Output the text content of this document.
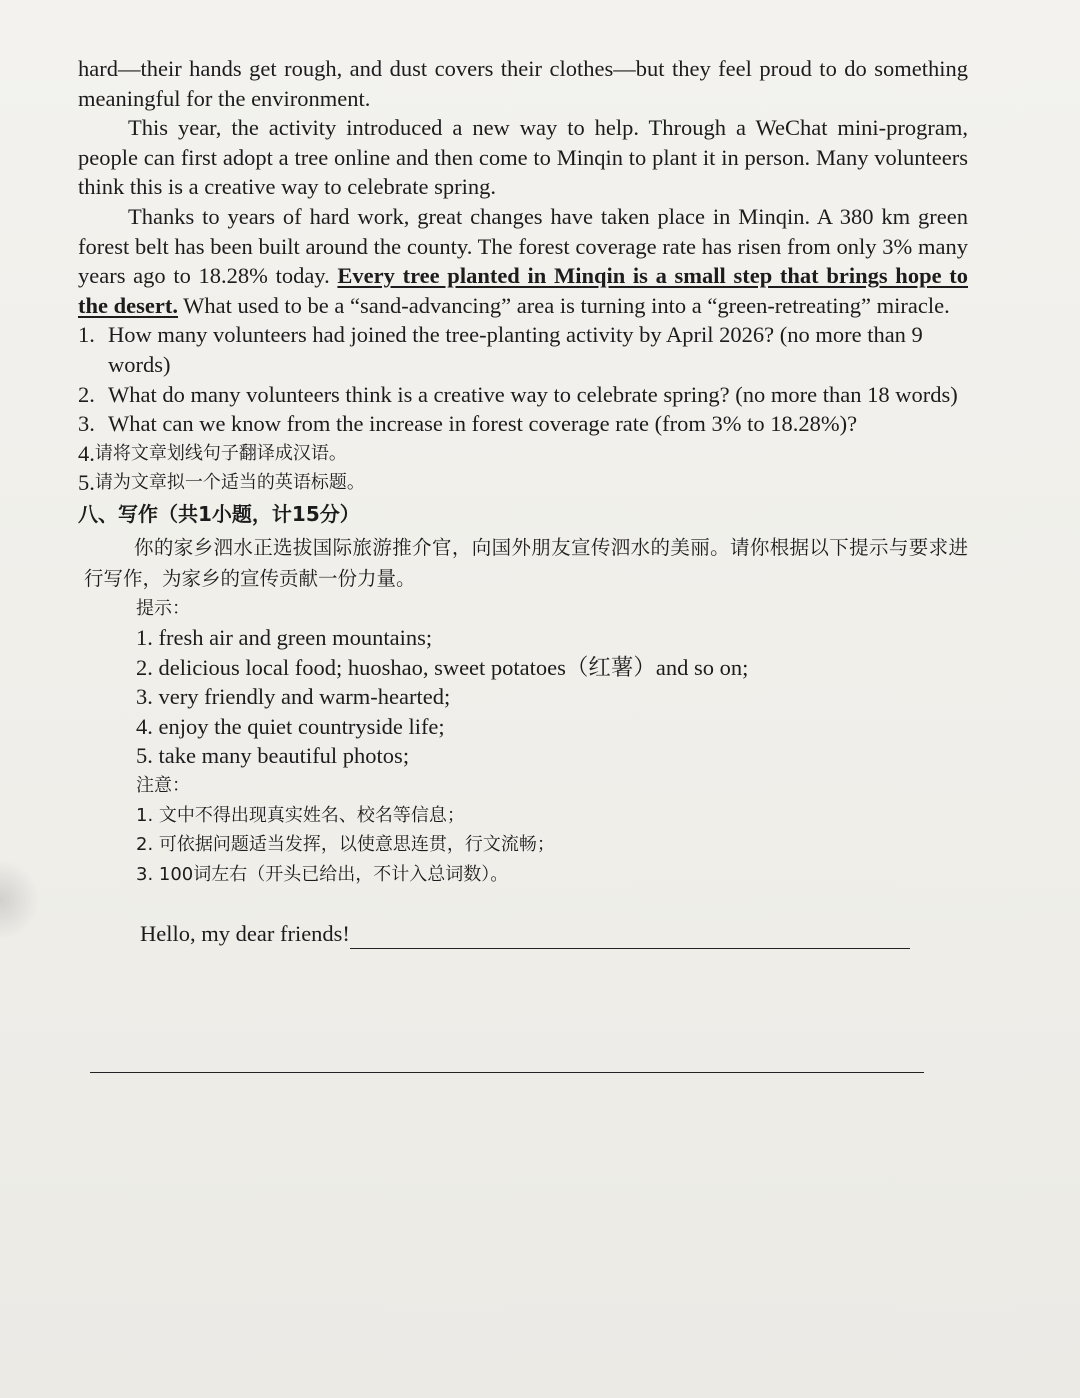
hard—their hands get rough, and dust covers their clothes—but they feel proud to do something meaningful for the environment.

This year, the activity introduced a new way to help. Through a WeChat mini-program, people can first adopt a tree online and then come to Minqin to plant it in person. Many volunteers think this is a creative way to celebrate spring.

Thanks to years of hard work, great changes have taken place in Minqin. A 380 km green forest belt has been built around the county. The forest coverage rate has risen from only 3% many years ago to 18.28% today. Every tree planted in Minqin is a small step that brings hope to the desert. What used to be a “sand-advancing” area is turning into a “green-retreating” miracle.

1. How many volunteers had joined the tree-planting activity by April 2026? (no more than 9 words)
2. What do many volunteers think is a creative way to celebrate spring? (no more than 18 words)
3. What can we know from the increase in forest coverage rate (from 3% to 18.28%)?
4. 请将文章划线句子翻译成汉语。
5. 请为文章拟一个适当的英语标题。
八、写作（共1小题，计15分）

你的家乡泗水正选拔国际旅游推介官，向国外朋友宣传泗水的美丽。请你根据以下提示与要求进行写作，为家乡的宣传贡献一份力量。

提示：
1. fresh air and green mountains;
2. delicious local food; huoshao, sweet potatoes（红薯）and so on;
3. very friendly and warm-hearted;
4. enjoy the quiet countryside life;
5. take many beautiful photos;
注意：
1. 文中不得出现真实姓名、校名等信息；
2. 可依据问题适当发挥，以使意思连贯，行文流畅；
3. 100词左右（开头已给出，不计入总词数）。
Hello, my dear friends!
